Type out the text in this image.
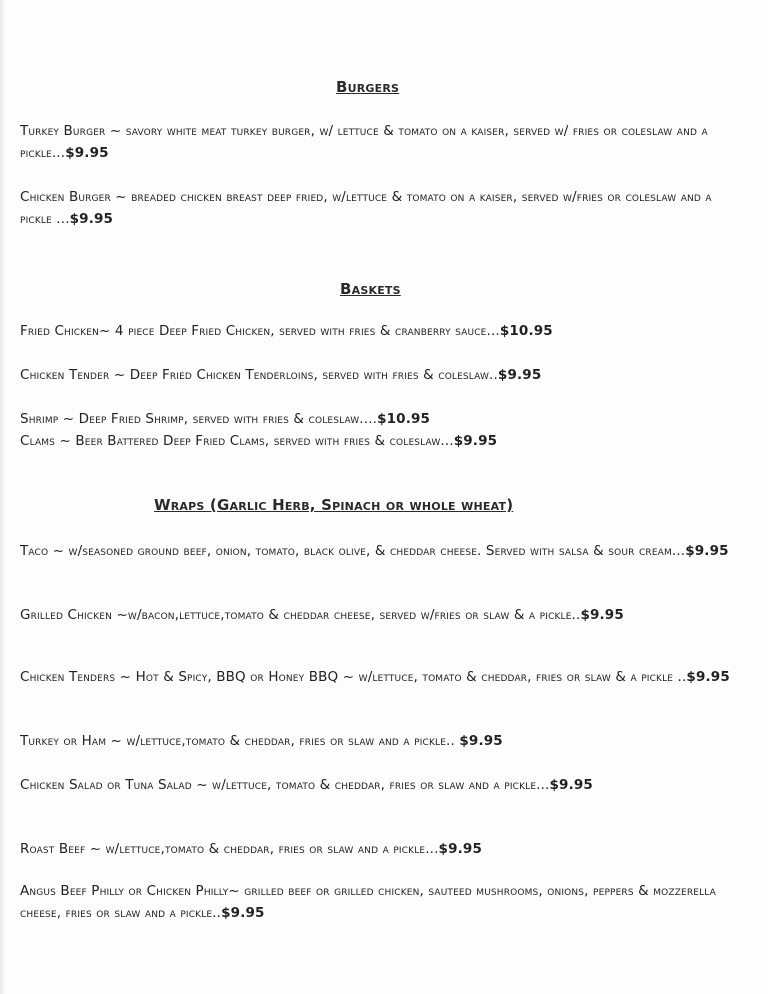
Burgers
Turkey Burger ~ savory white meat turkey burger, w/ lettuce & tomato on a kaiser, served w/ fries or coleslaw and a pickle...$9.95
Chicken Burger ~ breaded chicken breast deep fried, w/lettuce & tomato on a kaiser, served w/fries or coleslaw and a pickle ...$9.95
Baskets
Fried Chicken~ 4 piece Deep Fried Chicken, served with fries & cranberry sauce...$10.95
Chicken Tender ~ Deep Fried Chicken Tenderloins, served with fries & coleslaw..$9.95
Shrimp ~ Deep Fried Shrimp, served with fries & coleslaw....$10.95
Clams ~ Beer Battered Deep Fried Clams, served with fries & coleslaw...$9.95
Wraps (Garlic Herb, Spinach or whole wheat)
Taco ~ w/seasoned ground beef, onion, tomato, black olive, & cheddar cheese. Served with salsa & sour cream...$9.95
Grilled Chicken ~w/bacon,lettuce,tomato & cheddar cheese, served w/fries or slaw & a pickle..$9.95
Chicken Tenders ~ Hot & Spicy, BBQ or Honey BBQ ~ w/lettuce, tomato & cheddar, fries or slaw & a pickle ..$9.95
Turkey or Ham ~ w/lettuce,tomato & cheddar, fries or slaw and a pickle.. $9.95
Chicken Salad or Tuna Salad ~ w/lettuce, tomato & cheddar, fries or slaw and a pickle...$9.95
Roast Beef ~ w/lettuce,tomato & cheddar, fries or slaw and a pickle...$9.95
Angus Beef Philly or Chicken Philly~ grilled beef or grilled chicken, sauteed mushrooms, onions, peppers & mozzerella cheese, fries or slaw and a pickle..$9.95
